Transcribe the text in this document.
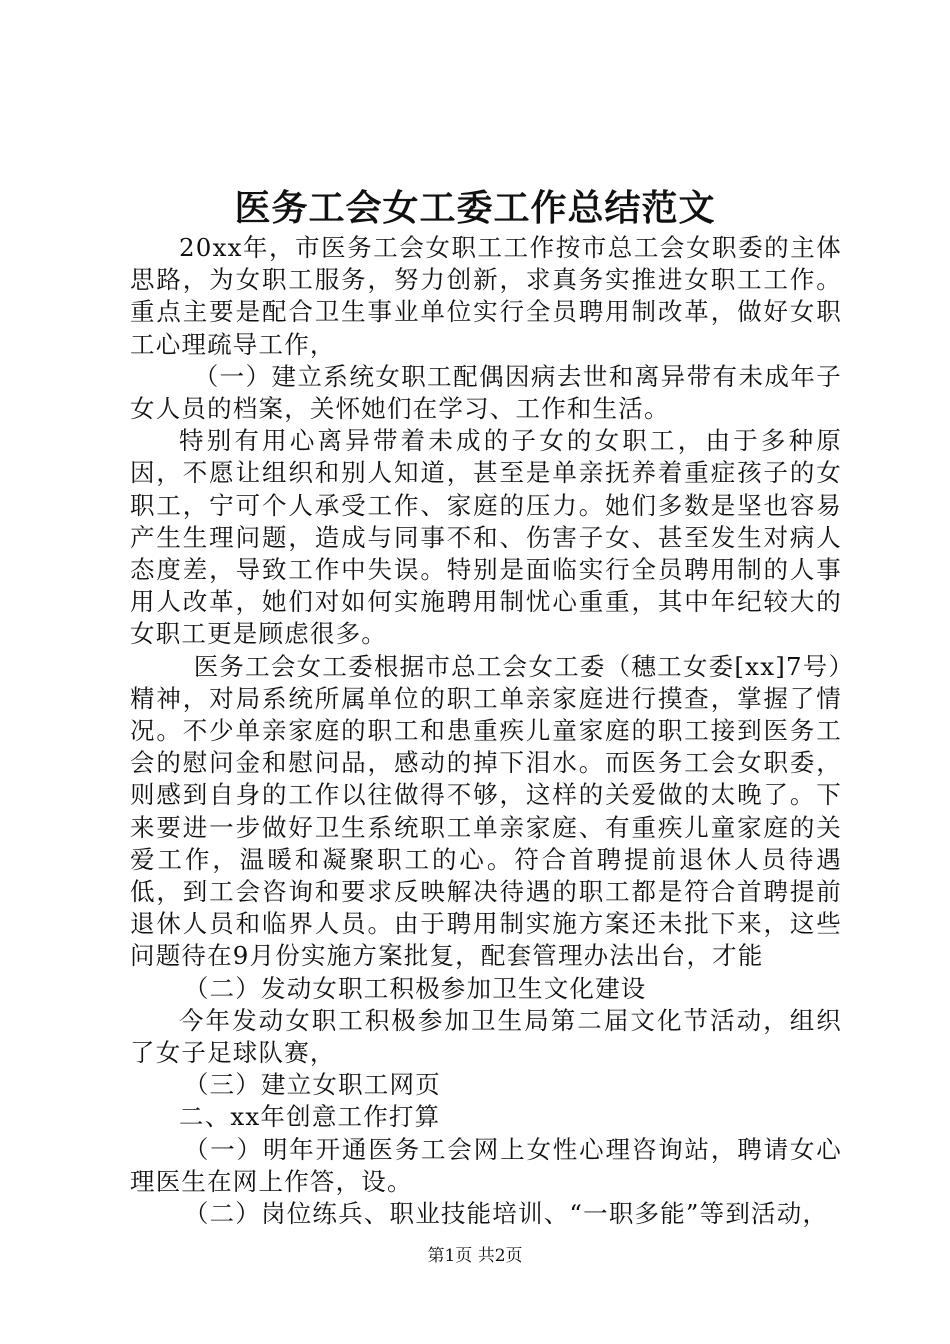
医务工会女工委工作总结范文

20xx年，市医务工会女职工工作按市总工会女职委的主体思路，为女职工服务，努力创新，求真务实推进女职工工作。重点主要是配合卫生事业单位实行全员聘用制改革，做好女职工心理疏导工作，

（一）建立系统女职工配偶因病去世和离异带有未成年子女人员的档案，关怀她们在学习、工作和生活。

特别有用心离异带着未成的子女的女职工，由于多种原因，不愿让组织和别人知道，甚至是单亲抚养着重症孩子的女职工，宁可个人承受工作、家庭的压力。她们多数是坚也容易产生生理问题，造成与同事不和、伤害子女、甚至发生对病人态度差，导致工作中失误。特别是面临实行全员聘用制的人事用人改革，她们对如何实施聘用制忧心重重，其中年纪较大的女职工更是顾虑很多。

医务工会女工委根据市总工会女工委（穗工女委[xx]7号）精神，对局系统所属单位的职工单亲家庭进行摸查，掌握了情况。不少单亲家庭的职工和患重疾儿童家庭的职工接到医务工会的慰问金和慰问品，感动的掉下泪水。而医务工会女职委，则感到自身的工作以往做得不够，这样的关爱做的太晚了。下来要进一步做好卫生系统职工单亲家庭、有重疾儿童家庭的关爱工作，温暖和凝聚职工的心。符合首聘提前退休人员待遇低，到工会咨询和要求反映解决待遇的职工都是符合首聘提前退休人员和临界人员。由于聘用制实施方案还未批下来，这些问题待在9月份实施方案批复，配套管理办法出台，才能

（二）发动女职工积极参加卫生文化建设

今年发动女职工积极参加卫生局第二届文化节活动，组织了女子足球队赛，

（三）建立女职工网页

二、xx年创意工作打算

（一）明年开通医务工会网上女性心理咨询站，聘请女心理医生在网上作答，设。

（二）岗位练兵、职业技能培训、“一职多能”等到活动，

第1页 共2页
